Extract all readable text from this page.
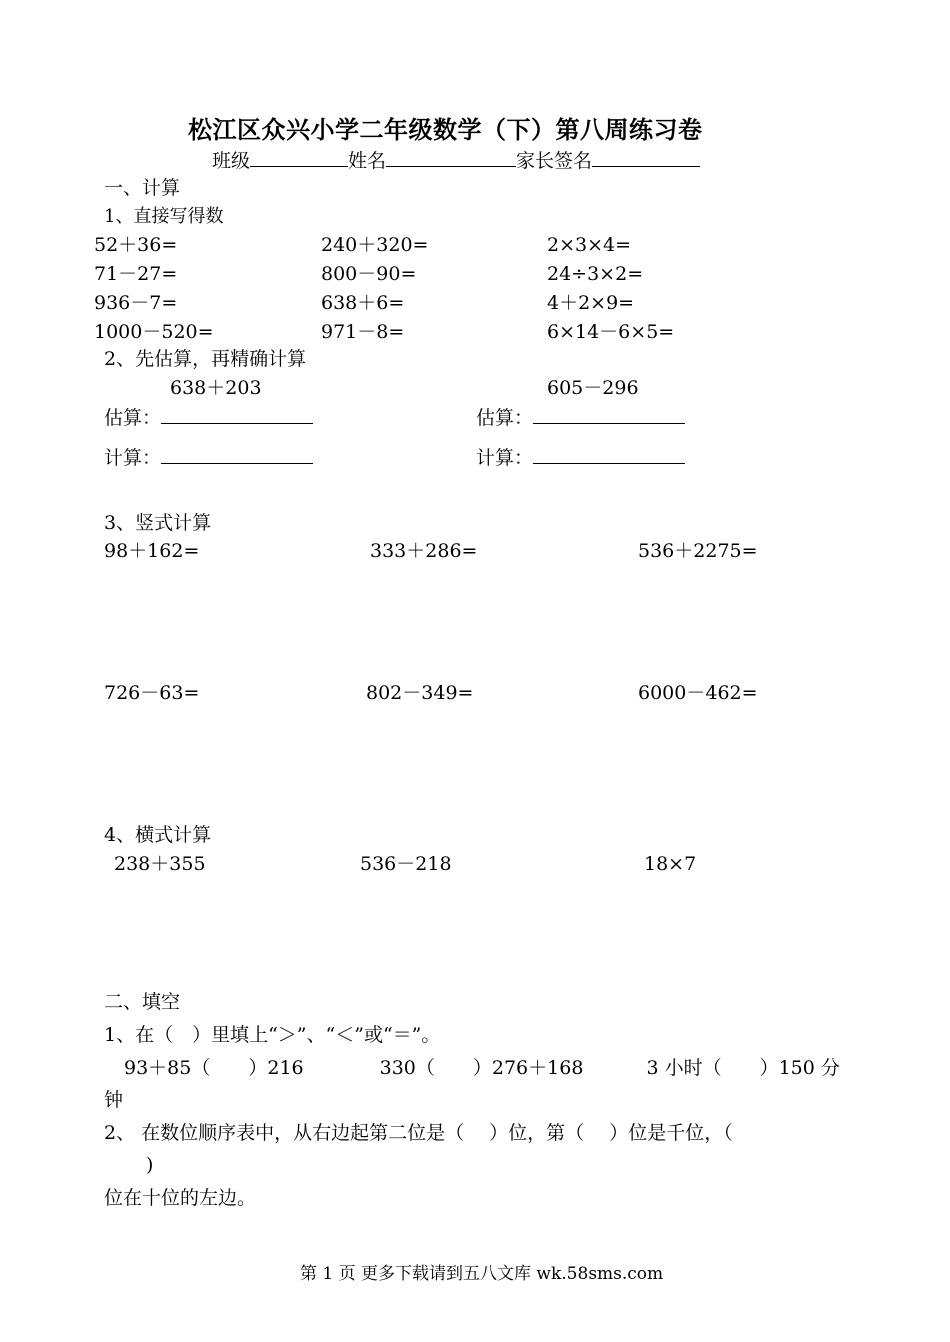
松江区众兴小学二年级数学（下）第八周练习卷
班级	姓名	家长签名
一、计算
1、直接写得数
52＋36=	240＋320=	2×3×4=
71－27=	800－90=	24÷3×2=
936－7=	638＋6=	4＋2×9=
1000－520=	971－8=	6×14－6×5=
2、先估算，再精确计算
638＋203	605－296
估算：	估算：
计算：	计算：
3、竖式计算
98＋162=	333＋286=	536＋2275=
726－63=	802－349=	6000－462=
4、横式计算
238＋355	536－218	18×7
二、填空
1、在（　）里填上“＞”、“＜”或“＝”。
93＋85（　　）216　　　　330（　　）276＋168　　　 3 小时（　　）150 分
钟
2、 在数位顺序表中，从右边起第二位是（　 ）位，第（　 ）位是千位，（
)
位在十位的左边。
第 1 页 更多下载请到五八文库 wk.58sms.com
